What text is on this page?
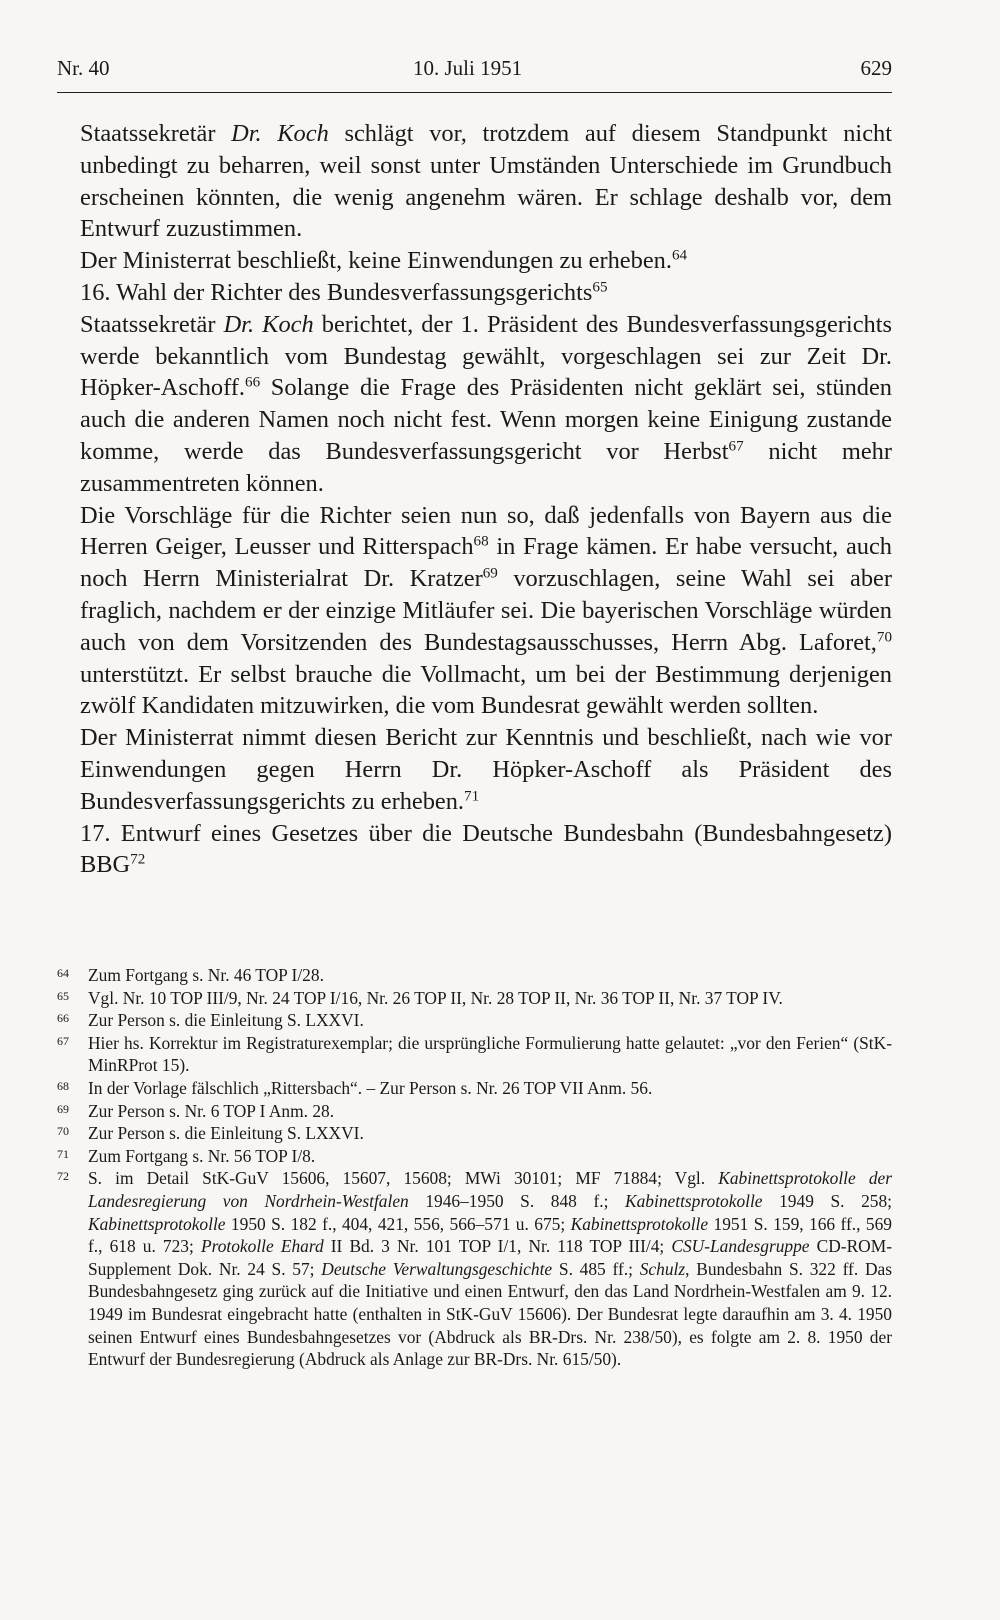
Nr. 40	10. Juli 1951	629

Staatssekretär Dr. Koch schlägt vor, trotzdem auf diesem Standpunkt nicht unbedingt zu beharren, weil sonst unter Umständen Unterschiede im Grundbuch erscheinen könnten, die wenig angenehm wären. Er schlage deshalb vor, dem Entwurf zuzustimmen.

Der Ministerrat beschließt, keine Einwendungen zu erheben.$^{64}$

16. Wahl der Richter des Bundesverfassungsgerichts$^{65}$

Staatssekretär Dr. Koch berichtet, der 1. Präsident des Bundesverfassungsgerichts werde bekanntlich vom Bundestag gewählt, vorgeschlagen sei zur Zeit Dr. Höpker-Aschoff.$^{66}$ Solange die Frage des Präsidenten nicht geklärt sei, stünden auch die anderen Namen noch nicht fest. Wenn morgen keine Einigung zustande komme, werde das Bundesverfassungsgericht vor Herbst$^{67}$ nicht mehr zusammentreten können.

Die Vorschläge für die Richter seien nun so, daß jedenfalls von Bayern aus die Herren Geiger, Leusser und Ritterspach$^{68}$ in Frage kämen. Er habe versucht, auch noch Herrn Ministerialrat Dr. Kratzer$^{69}$ vorzuschlagen, seine Wahl sei aber fraglich, nachdem er der einzige Mitläufer sei. Die bayerischen Vorschläge würden auch von dem Vorsitzenden des Bundestagsausschusses, Herrn Abg. Laforet,$^{70}$ unterstützt. Er selbst brauche die Vollmacht, um bei der Bestimmung derjenigen zwölf Kandidaten mitzuwirken, die vom Bundesrat gewählt werden sollten.

Der Ministerrat nimmt diesen Bericht zur Kenntnis und beschließt, nach wie vor Einwendungen gegen Herrn Dr. Höpker-Aschoff als Präsident des Bundesverfassungsgerichts zu erheben.$^{71}$

17. Entwurf eines Gesetzes über die Deutsche Bundesbahn (Bundesbahngesetz) BBG$^{72}$

64 Zum Fortgang s. Nr. 46 TOP I/28.
65 Vgl. Nr. 10 TOP III/9, Nr. 24 TOP I/16, Nr. 26 TOP II, Nr. 28 TOP II, Nr. 36 TOP II, Nr. 37 TOP IV.
66 Zur Person s. die Einleitung S. LXXVI.
67 Hier hs. Korrektur im Registraturexemplar; die ursprüngliche Formulierung hatte gelautet: „vor den Ferien“ (StK-MinRProt 15).
68 In der Vorlage fälschlich „Rittersbach“. – Zur Person s. Nr. 26 TOP VII Anm. 56.
69 Zur Person s. Nr. 6 TOP I Anm. 28.
70 Zur Person s. die Einleitung S. LXXVI.
71 Zum Fortgang s. Nr. 56 TOP I/8.
72 S. im Detail StK-GuV 15606, 15607, 15608; MWi 30101; MF 71884; Vgl. Kabinettsprotokolle der Landesregierung von Nordrhein-Westfalen 1946–1950 S. 848 f.; Kabinettsprotokolle 1949 S. 258; Kabinettsprotokolle 1950 S. 182 f., 404, 421, 556, 566–571 u. 675; Kabinettsprotokolle 1951 S. 159, 166 ff., 569 f., 618 u. 723; Protokolle Ehard II Bd. 3 Nr. 101 TOP I/1, Nr. 118 TOP III/4; CSU-Landesgruppe CD-ROM-Supplement Dok. Nr. 24 S. 57; Deutsche Verwaltungsgeschichte S. 485 ff.; Schulz, Bundesbahn S. 322 ff. Das Bundesbahngesetz ging zurück auf die Initiative und einen Entwurf, den das Land Nordrhein-Westfalen am 9. 12. 1949 im Bundesrat eingebracht hatte (enthalten in StK-GuV 15606). Der Bundesrat legte daraufhin am 3. 4. 1950 seinen Entwurf eines Bundesbahngesetzes vor (Abdruck als BR-Drs. Nr. 238/50), es folgte am 2. 8. 1950 der Entwurf der Bundesregierung (Abdruck als Anlage zur BR-Drs. Nr. 615/50).
